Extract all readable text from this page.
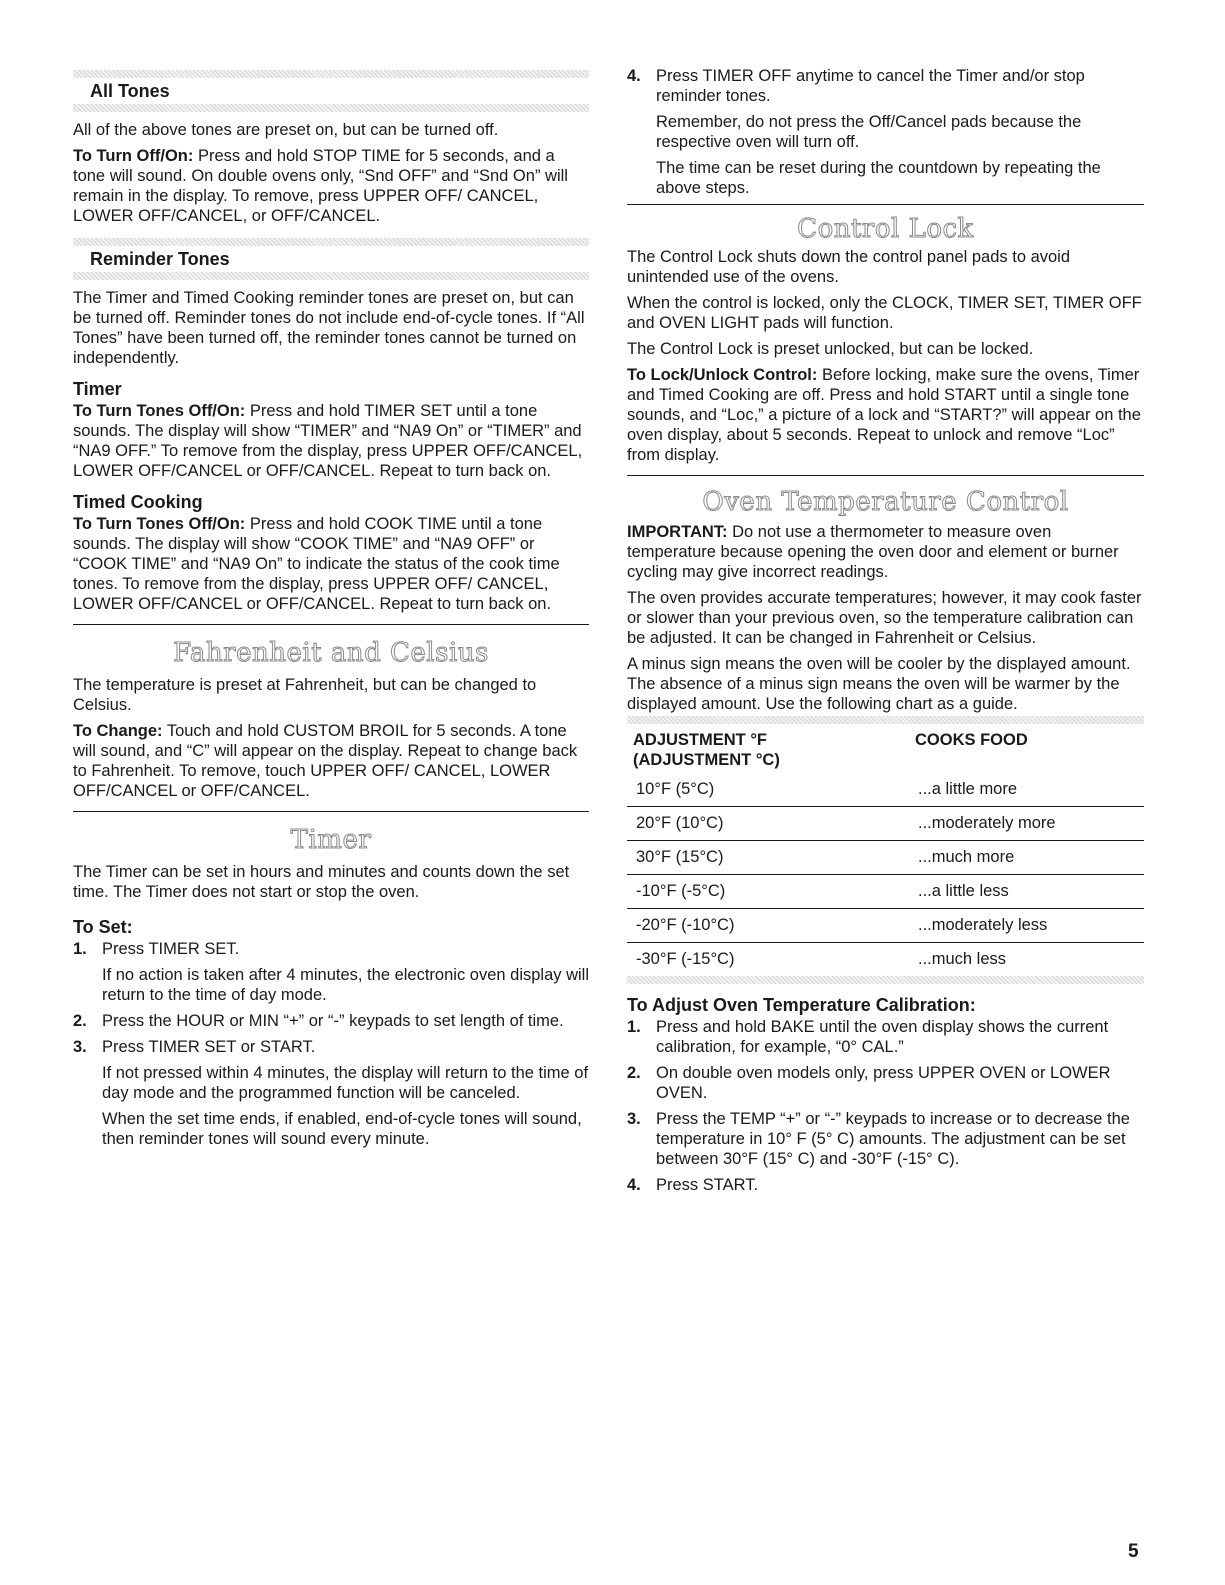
All Tones

All of the above tones are preset on, but can be turned off.

To Turn Off/On: Press and hold STOP TIME for 5 seconds, and a tone will sound. On double ovens only, “Snd OFF” and “Snd On” will remain in the display. To remove, press UPPER OFF/ CANCEL, LOWER OFF/CANCEL, or OFF/CANCEL.

Reminder Tones

The Timer and Timed Cooking reminder tones are preset on, but can be turned off. Reminder tones do not include end-of-cycle tones. If “All Tones” have been turned off, the reminder tones cannot be turned on independently.

Timer

To Turn Tones Off/On: Press and hold TIMER SET until a tone sounds. The display will show “TIMER” and “NA9 On” or “TIMER” and “NA9 OFF.” To remove from the display, press UPPER OFF/CANCEL, LOWER OFF/CANCEL or OFF/CANCEL. Repeat to turn back on.

Timed Cooking

To Turn Tones Off/On: Press and hold COOK TIME until a tone sounds. The display will show “COOK TIME” and “NA9 OFF” or “COOK TIME” and “NA9 On” to indicate the status of the cook time tones. To remove from the display, press UPPER OFF/ CANCEL, LOWER OFF/CANCEL or OFF/CANCEL. Repeat to turn back on.

Fahrenheit and Celsius

The temperature is preset at Fahrenheit, but can be changed to Celsius.

To Change: Touch and hold CUSTOM BROIL for 5 seconds. A tone will sound, and “C” will appear on the display. Repeat to change back to Fahrenheit. To remove, touch UPPER OFF/ CANCEL, LOWER OFF/CANCEL or OFF/CANCEL.

Timer

The Timer can be set in hours and minutes and counts down the set time. The Timer does not start or stop the oven.

To Set:
1. Press TIMER SET.

If no action is taken after 4 minutes, the electronic oven display will return to the time of day mode.

2. Press the HOUR or MIN “+” or “-” keypads to set length of time.

3. Press TIMER SET or START.

If not pressed within 4 minutes, the display will return to the time of day mode and the programmed function will be canceled.

When the set time ends, if enabled, end-of-cycle tones will sound, then reminder tones will sound every minute.

4. Press TIMER OFF anytime to cancel the Timer and/or stop reminder tones.

Remember, do not press the Off/Cancel pads because the respective oven will turn off.

The time can be reset during the countdown by repeating the above steps.

Control Lock

The Control Lock shuts down the control panel pads to avoid unintended use of the ovens.

When the control is locked, only the CLOCK, TIMER SET, TIMER OFF and OVEN LIGHT pads will function.

The Control Lock is preset unlocked, but can be locked.

To Lock/Unlock Control: Before locking, make sure the ovens, Timer and Timed Cooking are off. Press and hold START until a single tone sounds, and “Loc,” a picture of a lock and “START?” will appear on the oven display, about 5 seconds. Repeat to unlock and remove “Loc” from display.

Oven Temperature Control

IMPORTANT: Do not use a thermometer to measure oven temperature because opening the oven door and element or burner cycling may give incorrect readings.

The oven provides accurate temperatures; however, it may cook faster or slower than your previous oven, so the temperature calibration can be adjusted. It can be changed in Fahrenheit or Celsius.

A minus sign means the oven will be cooler by the displayed amount. The absence of a minus sign means the oven will be warmer by the displayed amount. Use the following chart as a guide.

ADJUSTMENT °F
(ADJUSTMENT °C)	COOKS FOOD
10°F (5°C)	...a little more
20°F (10°C)	...moderately more
30°F (15°C)	...much more
-10°F (-5°C)	...a little less
-20°F (-10°C)	...moderately less
-30°F (-15°C)	...much less
To Adjust Oven Temperature Calibration:
1. Press and hold BAKE until the oven display shows the current calibration, for example, “0° CAL.”

2. On double oven models only, press UPPER OVEN or LOWER OVEN.

3. Press the TEMP “+” or “-” keypads to increase or to decrease the temperature in 10° F (5° C) amounts. The adjustment can be set between 30°F (15° C) and -30°F (-15° C).

4. Press START.

5
